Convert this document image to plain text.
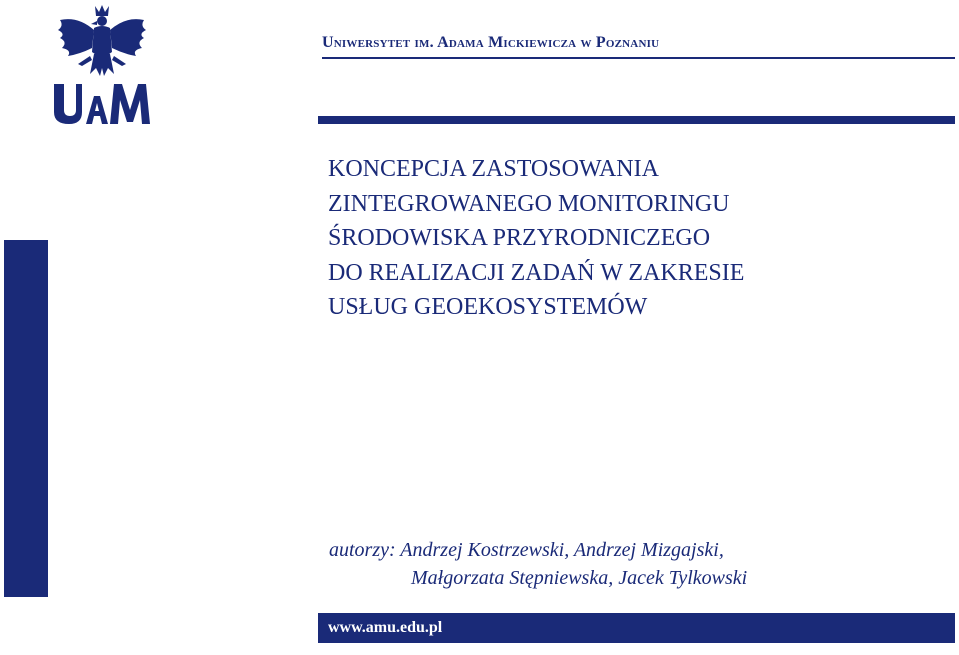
Uniwersytet im. Adama Mickiewicza w Poznaniu
KONCEPCJA ZASTOSOWANIA
ZINTEGROWANEGO MONITORINGU
ŚRODOWISKA PRZYRODNICZEGO
DO REALIZACJI ZADAŃ W ZAKRESIE
USŁUG GEOEKOSYSTEMÓW
autorzy: Andrzej Kostrzewski, Andrzej Mizgajski,
Małgorzata Stępniewska, Jacek Tylkowski
www.amu.edu.pl
